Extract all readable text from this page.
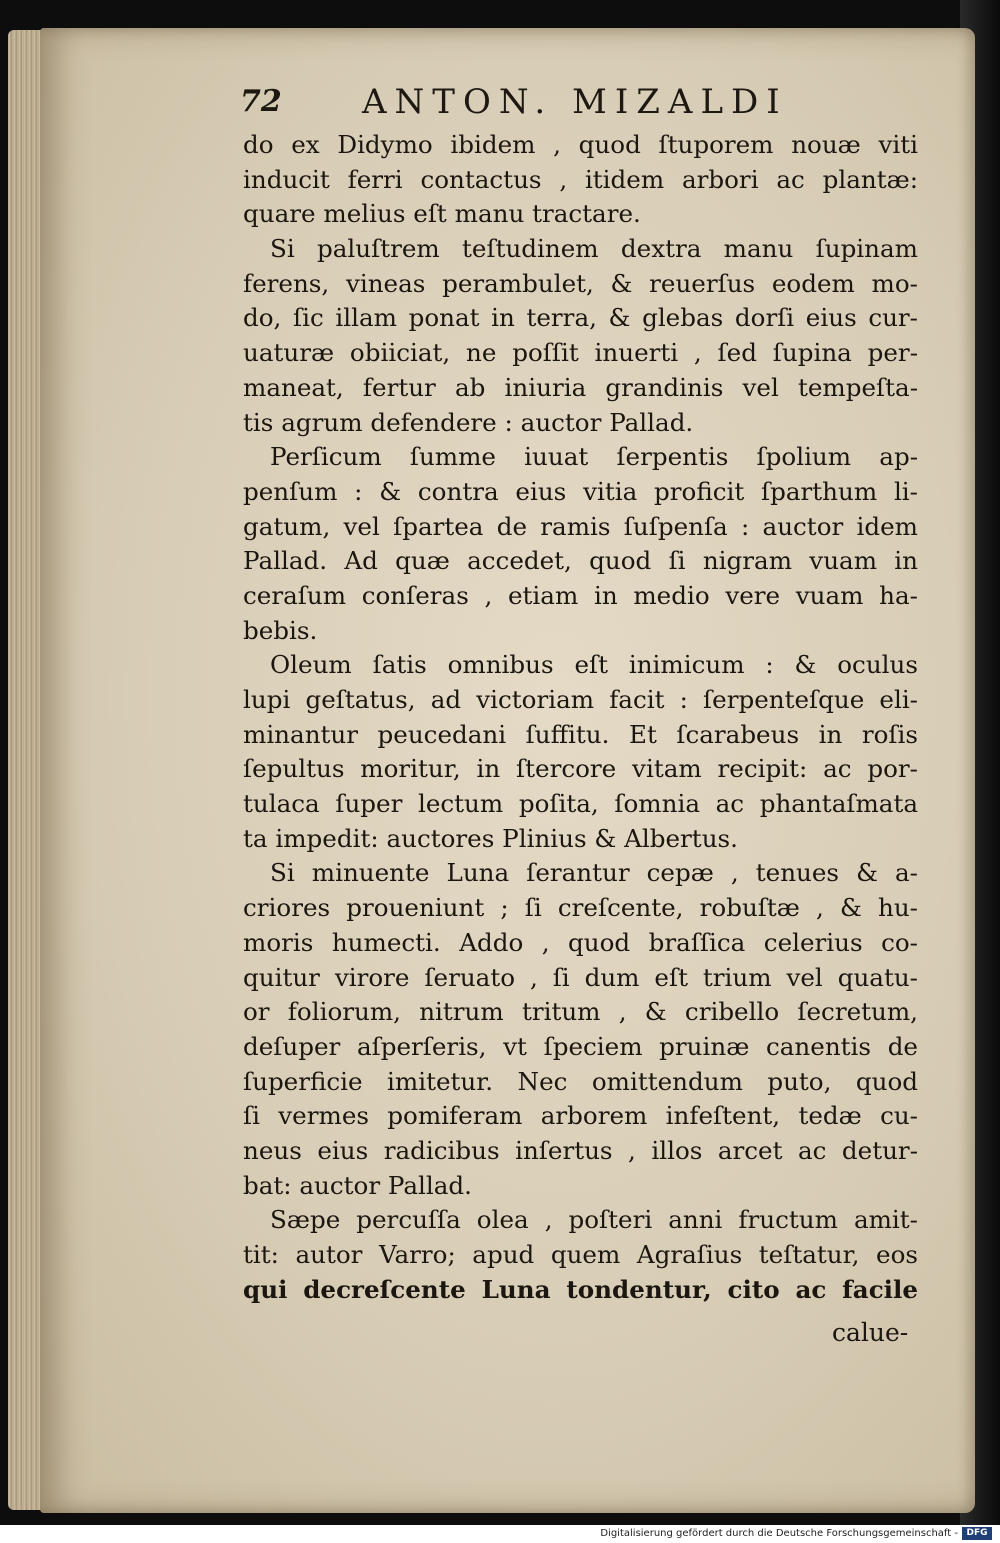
72 ANTON. MIZALDI
do ex Didymo ibidem , quod ſtuporem nouæ viti
inducit ferri contactus , itidem arbori ac plantæ:
quare melius eſt manu tractare.
Si paluſtrem teſtudinem dextra manu ſupinam
ferens, vineas perambulet, & reuerſus eodem mo-
do, ſic illam ponat in terra, & glebas dorſi eius cur-
uaturæ obiiciat, ne poſſit inuerti , ſed ſupina per-
maneat, fertur ab iniuria grandinis vel tempeſta-
tis agrum defendere : auctor Pallad.
Perſicum ſumme iuuat ſerpentis ſpolium ap-
penſum : & contra eius vitia proficit ſparthum li-
gatum, vel ſpartea de ramis ſuſpenſa : auctor idem
Pallad. Ad quæ accedet, quod ſi nigram vuam in
ceraſum conſeras , etiam in medio vere vuam ha-
bebis.
Oleum ſatis omnibus eſt inimicum : & oculus
lupi geſtatus, ad victoriam facit : ſerpenteſque eli-
minantur peucedani ſuffitu. Et ſcarabeus in roſis
ſepultus moritur, in ſtercore vitam recipit: ac por-
tulaca ſuper lectum poſita, ſomnia ac phantaſmata
ta impedit: auctores Plinius & Albertus.
Si minuente Luna ſerantur cepæ , tenues & a-
criores proueniunt ; ſi creſcente, robuſtæ , & hu-
moris humecti. Addo , quod braſſica celerius co-
quitur virore ſeruato , ſi dum eſt trium vel quatu-
or foliorum, nitrum tritum , & cribello ſecretum,
deſuper aſperſeris, vt ſpeciem pruinæ canentis de
ſuperficie imitetur. Nec omittendum puto, quod
ſi vermes pomiferam arborem infeſtent, tedæ cu-
neus eius radicibus inſertus , illos arcet ac detur-
bat: auctor Pallad.
Sæpe percuſſa olea , poſteri anni fructum amit-
tit: autor Varro; apud quem Agraſius teſtatur, eos
qui decreſcente Luna tondentur, cito ac facile
calue-
Digitalisierung gefördert durch die Deutsche Forschungsgemeinschaft - DFG
